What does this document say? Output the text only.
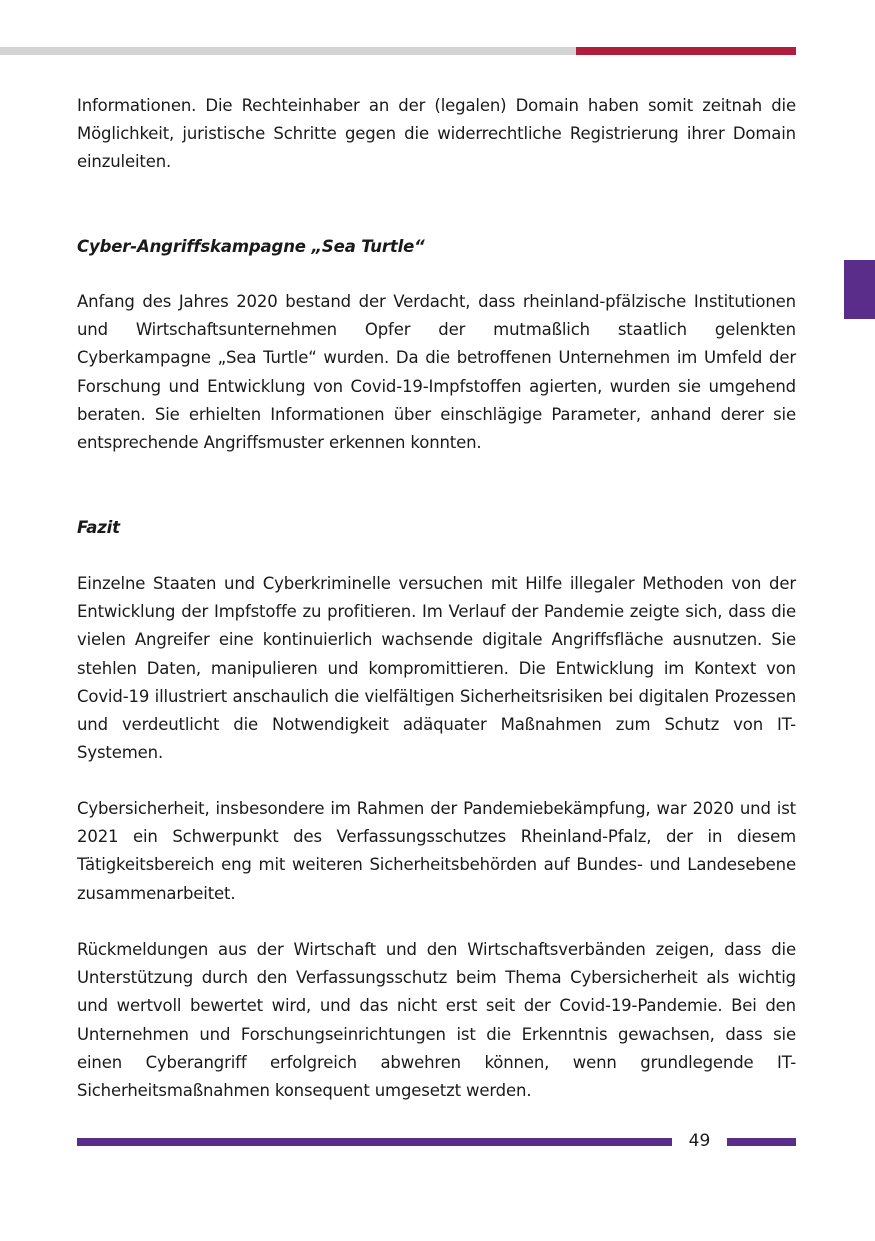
Informationen. Die Rechteinhaber an der (legalen) Domain haben somit zeitnah die Möglichkeit, juristische Schritte gegen die widerrechtliche Registrierung ihrer Domain einzuleiten.

Cyber-Angriffskampagne „Sea Turtle“

Anfang des Jahres 2020 bestand der Verdacht, dass rheinland-pfälzische Institutionen und Wirtschaftsunternehmen Opfer der mutmaßlich staatlich gelenkten Cyberkampagne „Sea Turtle“ wurden. Da die betroffenen Unternehmen im Umfeld der Forschung und Entwicklung von Covid-19-Impfstoffen agierten, wurden sie umgehend beraten. Sie erhielten Informationen über einschlägige Parameter, anhand derer sie entsprechende Angriffsmuster erkennen konnten.

Fazit

Einzelne Staaten und Cyberkriminelle versuchen mit Hilfe illegaler Methoden von der Entwicklung der Impfstoffe zu profitieren. Im Verlauf der Pandemie zeigte sich, dass die vielen Angreifer eine kontinuierlich wachsende digitale Angriffsfläche ausnutzen. Sie stehlen Daten, manipulieren und kompromittieren. Die Entwicklung im Kontext von Covid-19 illustriert anschaulich die vielfältigen Sicherheitsrisiken bei digitalen Prozessen und verdeutlicht die Notwendigkeit adäquater Maßnahmen zum Schutz von IT-Systemen.

Cybersicherheit, insbesondere im Rahmen der Pandemiebekämpfung, war 2020 und ist 2021 ein Schwerpunkt des Verfassungsschutzes Rheinland-Pfalz, der in diesem Tätigkeitsbereich eng mit weiteren Sicherheitsbehörden auf Bundes- und Landesebene zusammenarbeitet.

Rückmeldungen aus der Wirtschaft und den Wirtschaftsverbänden zeigen, dass die Unterstützung durch den Verfassungsschutz beim Thema Cybersicherheit als wichtig und wertvoll bewertet wird, und das nicht erst seit der Covid-19-Pandemie. Bei den Unternehmen und Forschungseinrichtungen ist die Erkenntnis gewachsen, dass sie einen Cyberangriff erfolgreich abwehren können, wenn grundlegende IT-Sicherheitsmaßnahmen konsequent umgesetzt werden.

49
